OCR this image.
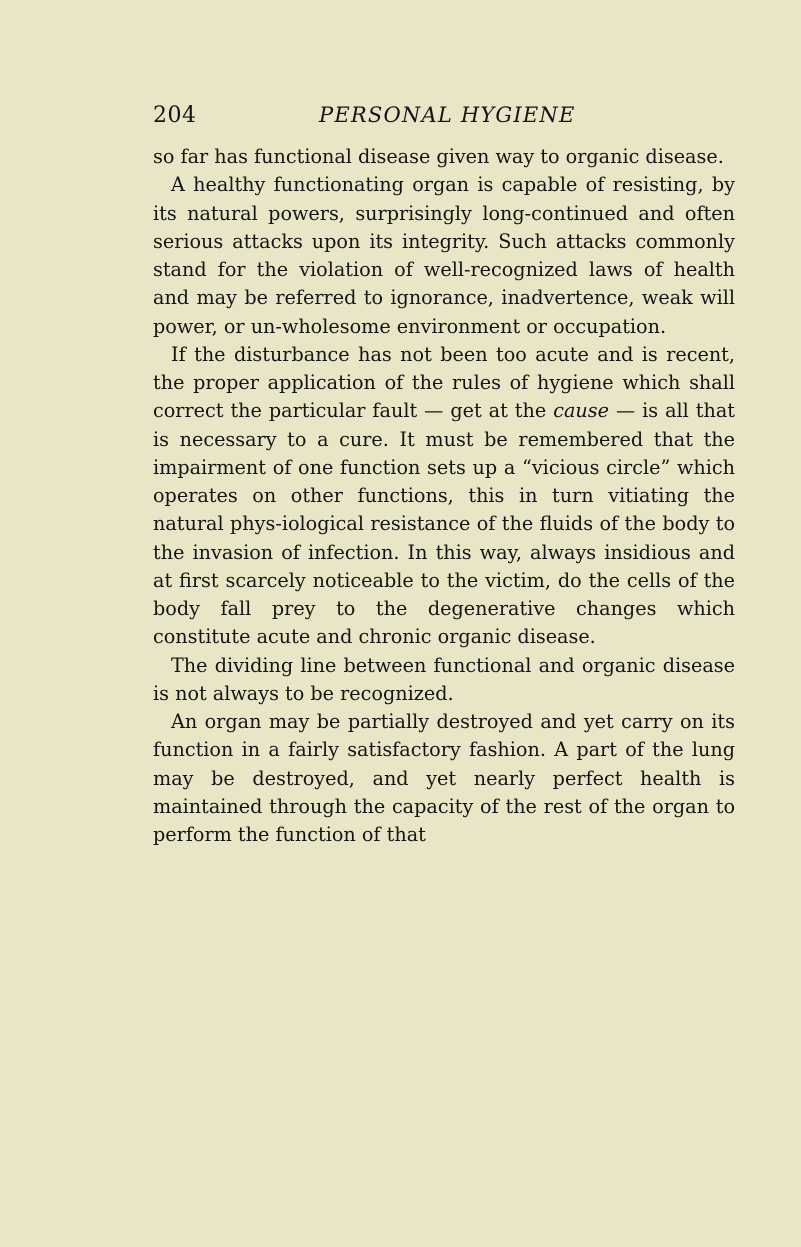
204	PERSONAL HYGIENE

so far has functional disease given way to organic disease.

A healthy functionating organ is capable of resisting, by its natural powers, surprisingly long-continued and often serious attacks upon its integrity. Such attacks commonly stand for the violation of well-recognized laws of health and may be referred to ignorance, inadvertence, weak will power, or un-wholesome environment or occupation.

If the disturbance has not been too acute and is recent, the proper application of the rules of hygiene which shall correct the particular fault — get at the cause — is all that is necessary to a cure. It must be remembered that the impairment of one function sets up a “vicious circle” which operates on other functions, this in turn vitiating the natural phys-iological resistance of the fluids of the body to the invasion of infection. In this way, always insidious and at first scarcely noticeable to the victim, do the cells of the body fall prey to the degenerative changes which constitute acute and chronic organic disease.

The dividing line between functional and organic disease is not always to be recognized.

An organ may be partially destroyed and yet carry on its function in a fairly satisfactory fashion. A part of the lung may be destroyed, and yet nearly perfect health is maintained through the capacity of the rest of the organ to perform the function of that
